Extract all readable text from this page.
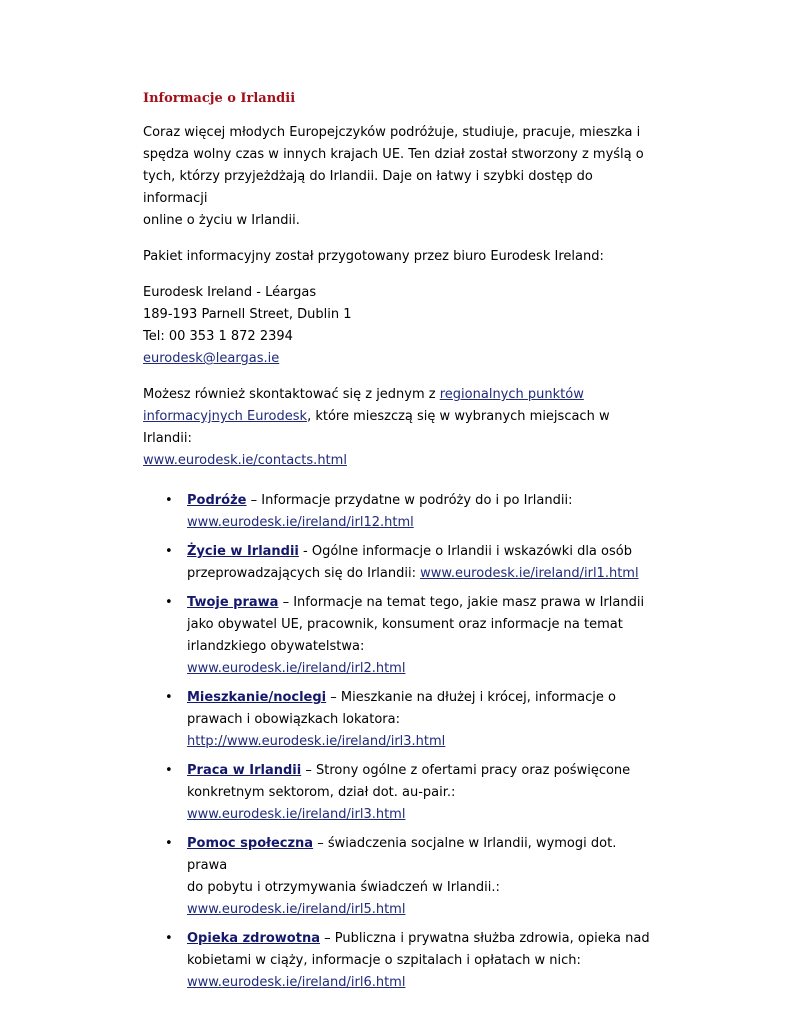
Informacje o Irlandii

Coraz więcej młodych Europejczyków podróżuje, studiuje, pracuje, mieszka i
spędza wolny czas w innych krajach UE. Ten dział został stworzony z myślą o
tych, którzy przyjeżdżają do Irlandii. Daje on łatwy i szybki dostęp do informacji
online o życiu w Irlandii.

Pakiet informacyjny został przygotowany przez biuro Eurodesk Ireland:

Eurodesk Ireland - Léargas
189-193 Parnell Street, Dublin 1
Tel: 00 353 1 872 2394
eurodesk@leargas.ie

Możesz również skontaktować się z jednym z regionalnych punktów
informacyjnych Eurodesk, które mieszczą się w wybranych miejscach w Irlandii:
www.eurodesk.ie/contacts.html

• Podróże – Informacje przydatne w podróży do i po Irlandii:
www.eurodesk.ie/ireland/irl12.html
• Życie w Irlandii - Ogólne informacje o Irlandii i wskazówki dla osób
przeprowadzających się do Irlandii: www.eurodesk.ie/ireland/irl1.html
• Twoje prawa – Informacje na temat tego, jakie masz prawa w Irlandii
jako obywatel UE, pracownik, konsument oraz informacje na temat
irlandzkiego obywatelstwa:
www.eurodesk.ie/ireland/irl2.html
• Mieszkanie/noclegi – Mieszkanie na dłużej i krócej, informacje o
prawach i obowiązkach lokatora: http://www.eurodesk.ie/ireland/irl3.html
• Praca w Irlandii – Strony ogólne z ofertami pracy oraz poświęcone
konkretnym sektorom, dział dot. au-pair.:
www.eurodesk.ie/ireland/irl3.html
• Pomoc społeczna – świadczenia socjalne w Irlandii, wymogi dot. prawa
do pobytu i otrzymywania świadczeń w Irlandii.:
www.eurodesk.ie/ireland/irl5.html
• Opieka zdrowotna – Publiczna i prywatna służba zdrowia, opieka nad
kobietami w ciąży, informacje o szpitalach i opłatach w nich:
www.eurodesk.ie/ireland/irl6.html
